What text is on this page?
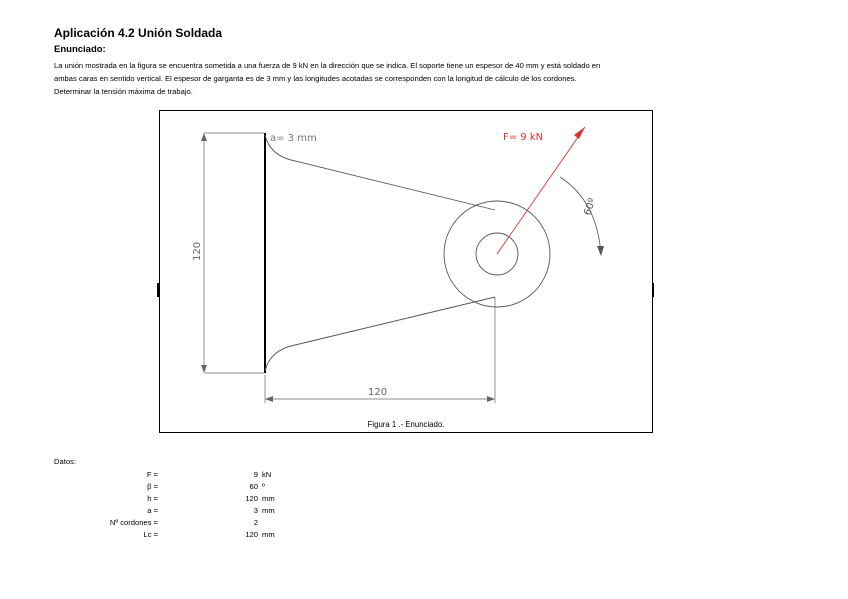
Aplicación 4.2 Unión Soldada
Enunciado:
La unión mostrada en la figura se encuentra sometida a una fuerza de 9 kN en la dirección que se indica. El soporte tiene un espesor de 40 mm y está soldado en
ambas caras en sentido vertical. El espesor de garganta es de 3 mm y las longitudes acotadas se corresponden con la longitud de cálculo de los cordones.
Determinar la tensión máxima de trabajo.
a= 3 mm	F= 9 kN
60º
120
120
Figura 1 .- Enunciado.
Datos:
F =	9 kN
β =	60 º
h =	120 mm
a =	3 mm
Nº cordones =	2
Lc =	120 mm
